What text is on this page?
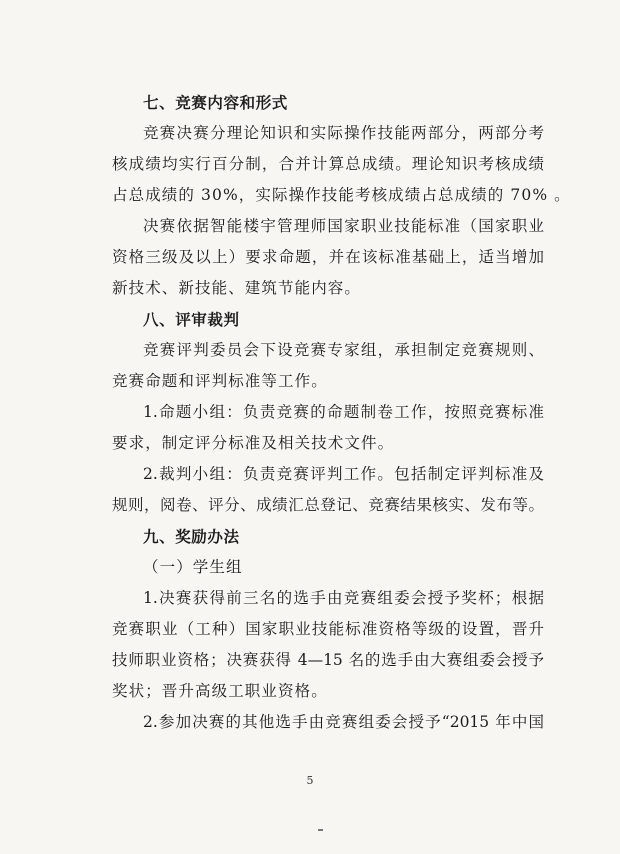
七、竞赛内容和形式
竞赛决赛分理论知识和实际操作技能两部分，两部分考
核成绩均实行百分制，合并计算总成绩。理论知识考核成绩
占总成绩的 30%，实际操作技能考核成绩占总成绩的 70% 。
决赛依据智能楼宇管理师国家职业技能标准（国家职业
资格三级及以上）要求命题，并在该标准基础上，适当增加
新技术、新技能、建筑节能内容。
八、评审裁判
竞赛评判委员会下设竞赛专家组，承担制定竞赛规则、
竞赛命题和评判标准等工作。
1.命题小组：负责竞赛的命题制卷工作，按照竞赛标准
要求，制定评分标准及相关技术文件。
2.裁判小组：负责竞赛评判工作。包括制定评判标准及
规则，阅卷、评分、成绩汇总登记、竞赛结果核实、发布等。
九、奖励办法
（一）学生组
1.决赛获得前三名的选手由竞赛组委会授予奖杯；根据
竞赛职业（工种）国家职业技能标准资格等级的设置，晋升
技师职业资格；决赛获得 4—15 名的选手由大赛组委会授予
奖状；晋升高级工职业资格。
2.参加决赛的其他选手由竞赛组委会授予“2015 年中国
5
